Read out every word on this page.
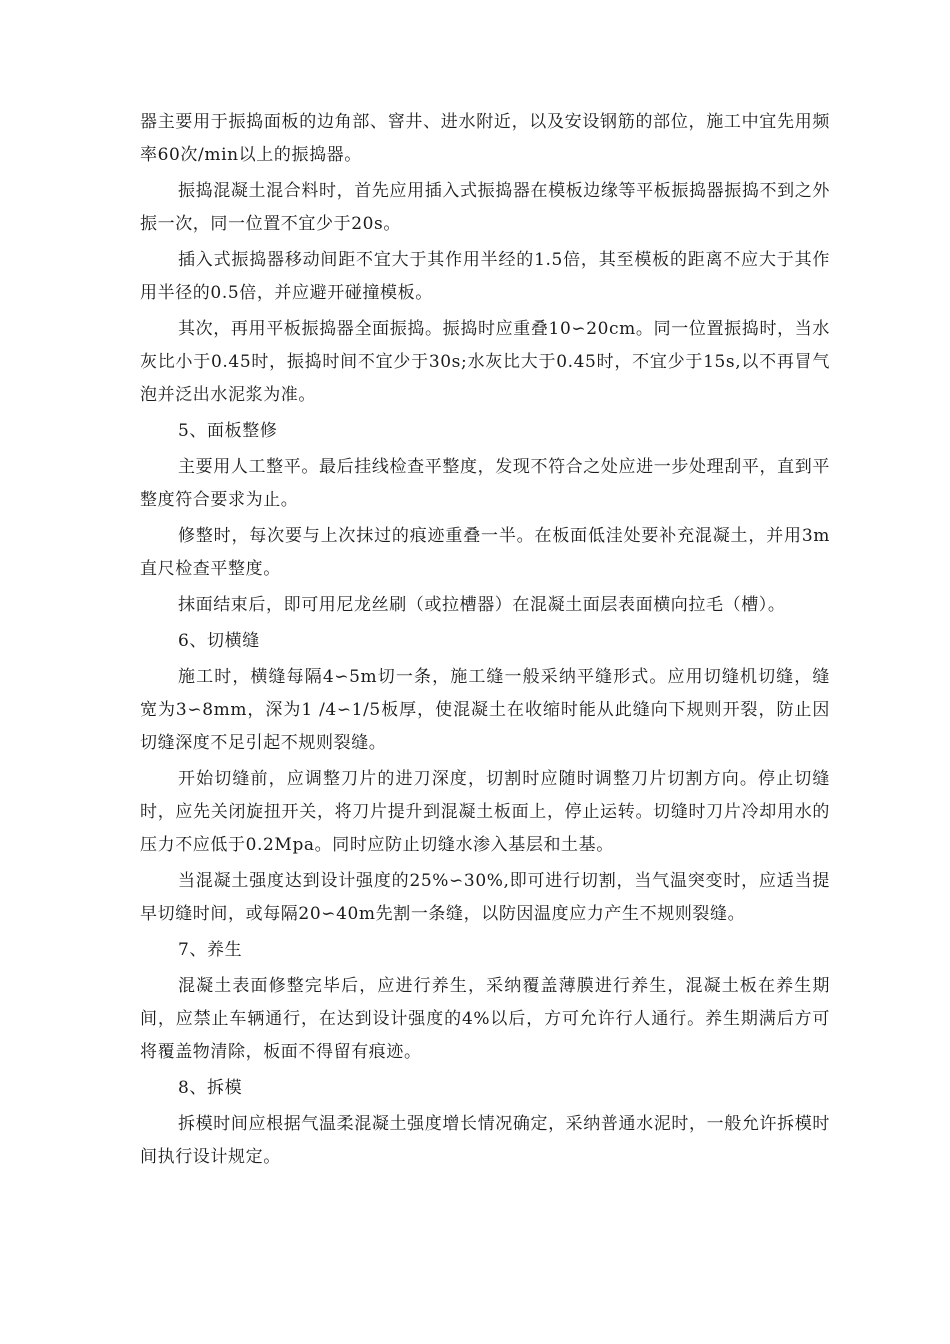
器主要用于振捣面板的边角部、窨井、进水附近，以及安设钢筋的部位，施工中宜先用频率60次/min以上的振捣器。

振捣混凝土混合料时，首先应用插入式振捣器在模板边缘等平板振捣器振捣不到之外振一次，同一位置不宜少于20s。

插入式振捣器移动间距不宜大于其作用半经的1.5倍，其至模板的距离不应大于其作用半径的0.5倍，并应避开碰撞模板。

其次，再用平板振捣器全面振捣。振捣时应重叠10∽20cm。同一位置振捣时，当水灰比小于0.45时，振捣时间不宜少于30s;水灰比大于0.45时，不宜少于15s,以不再冒气泡并泛出水泥浆为准。

5、面板整修

主要用人工整平。最后挂线检查平整度，发现不符合之处应进一步处理刮平，直到平整度符合要求为止。

修整时，每次要与上次抹过的痕迹重叠一半。在板面低洼处要补充混凝土，并用3m直尺检查平整度。

抹面结束后，即可用尼龙丝刷（或拉槽器）在混凝土面层表面横向拉毛（槽）。

6、切横缝

施工时，横缝每隔4∽5m切一条，施工缝一般采纳平缝形式。应用切缝机切缝，缝宽为3∽8mm，深为1 /4∽1/5板厚，使混凝土在收缩时能从此缝向下规则开裂，防止因切缝深度不足引起不规则裂缝。

开始切缝前，应调整刀片的进刀深度，切割时应随时调整刀片切割方向。停止切缝时，应先关闭旋扭开关，将刀片提升到混凝土板面上，停止运转。切缝时刀片冷却用水的压力不应低于0.2Mpa。同时应防止切缝水渗入基层和土基。

当混凝土强度达到设计强度的25%∽30%,即可进行切割，当气温突变时，应适当提早切缝时间，或每隔20∽40m先割一条缝，以防因温度应力产生不规则裂缝。

7、养生

混凝土表面修整完毕后，应进行养生，采纳覆盖薄膜进行养生，混凝土板在养生期间，应禁止车辆通行，在达到设计强度的4%以后，方可允许行人通行。养生期满后方可将覆盖物清除，板面不得留有痕迹。

8、拆模

拆模时间应根据气温柔混凝土强度增长情况确定，采纳普通水泥时，一般允许拆模时间执行设计规定。
